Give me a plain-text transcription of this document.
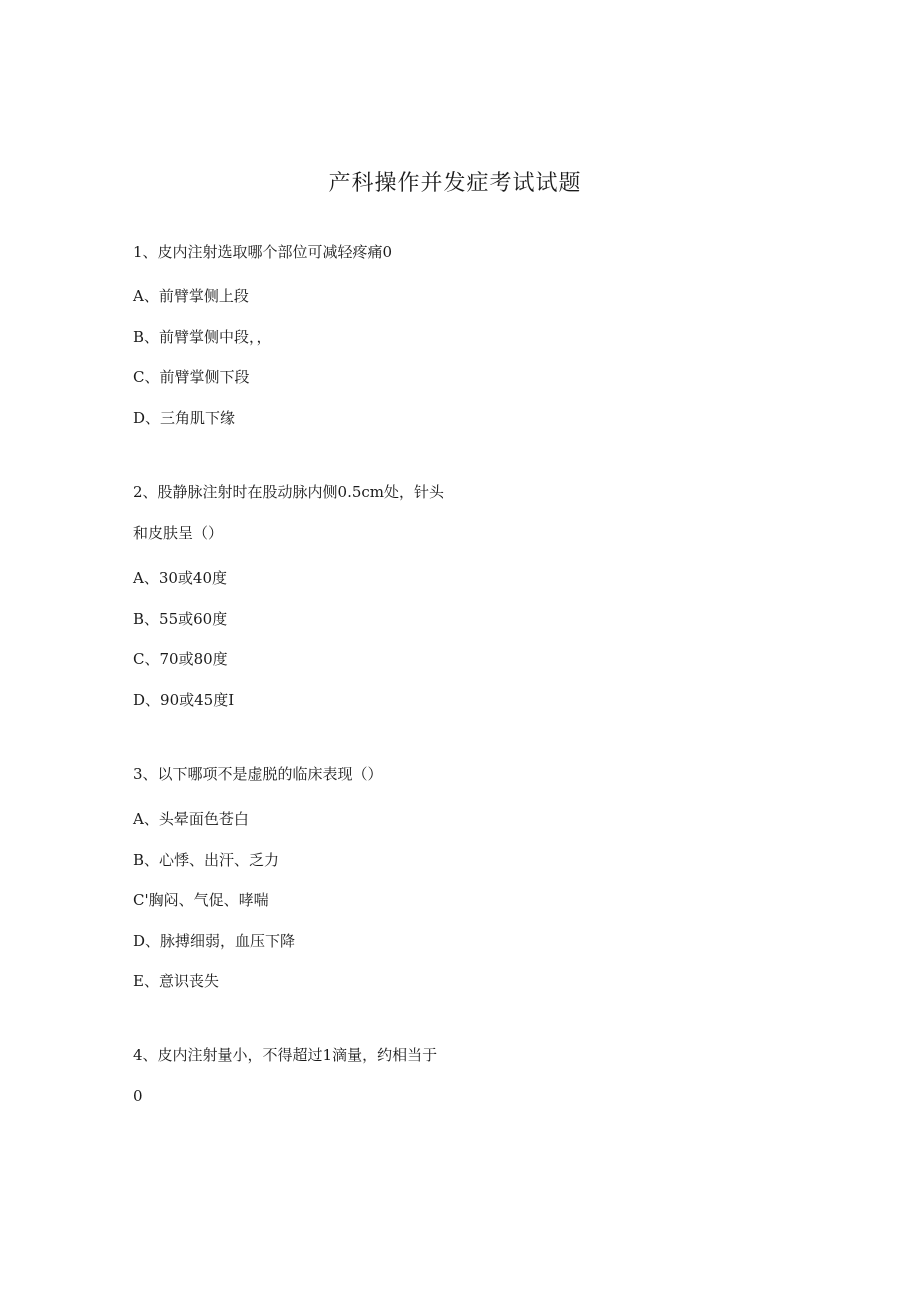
产科操作并发症考试试题
1、皮内注射选取哪个部位可减轻疼痛0
A、前臂掌侧上段
B、前臂掌侧中段，，
C、前臂掌侧下段
D、三角肌下缘
2、股静脉注射时在股动脉内侧0.5cm处，针头
和皮肤呈（）
A、30或40度
B、55或60度
C、70或80度
D、90或45度I
3、以下哪项不是虚脱的临床表现（）
A、头晕面色苍白
B、心悸、出汗、乏力
C'胸闷、气促、哮喘
D、脉搏细弱，血压下降
E、意识丧失
4、皮内注射量小，不得超过1滴量，约相当于
0
